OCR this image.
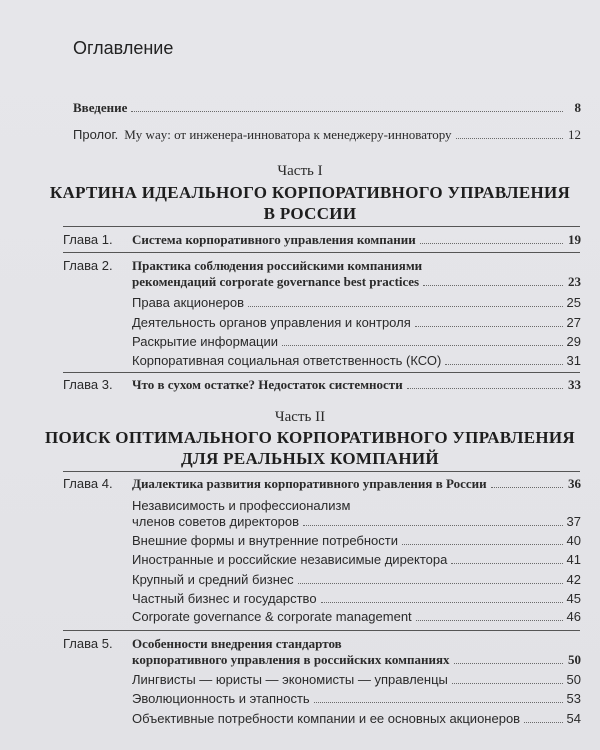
Оглавление
Введение	8
Пролог. My way: от инженера-инноватора к менеджеру-инноватору	12
Часть I
КАРТИНА ИДЕАЛЬНОГО КОРПОРАТИВНОГО УПРАВЛЕНИЯ
В РОССИИ
Глава 1. Система корпоративного управления компании	19
Глава 2. Практика соблюдения российскими компаниями
рекомендаций corporate governance best practices	23
Права акционеров	25
Деятельность органов управления и контроля	27
Раскрытие информации	29
Корпоративная социальная ответственность (КСО)	31
Глава 3. Что в сухом остатке? Недостаток системности	33
Часть II
ПОИСК ОПТИМАЛЬНОГО КОРПОРАТИВНОГО УПРАВЛЕНИЯ
ДЛЯ РЕАЛЬНЫХ КОМПАНИЙ
Глава 4. Диалектика развития корпоративного управления в России	36
Независимость и профессионализм
членов советов директоров	37
Внешние формы и внутренние потребности	40
Иностранные и российские независимые директора	41
Крупный и средний бизнес	42
Частный бизнес и государство	45
Corporate governance & corporate management	46
Глава 5. Особенности внедрения стандартов
корпоративного управления в российских компаниях	50
Лингвисты — юристы — экономисты — управленцы	50
Эволюционность и этапность	53
Объективные потребности компании и ее основных акционеров	54
